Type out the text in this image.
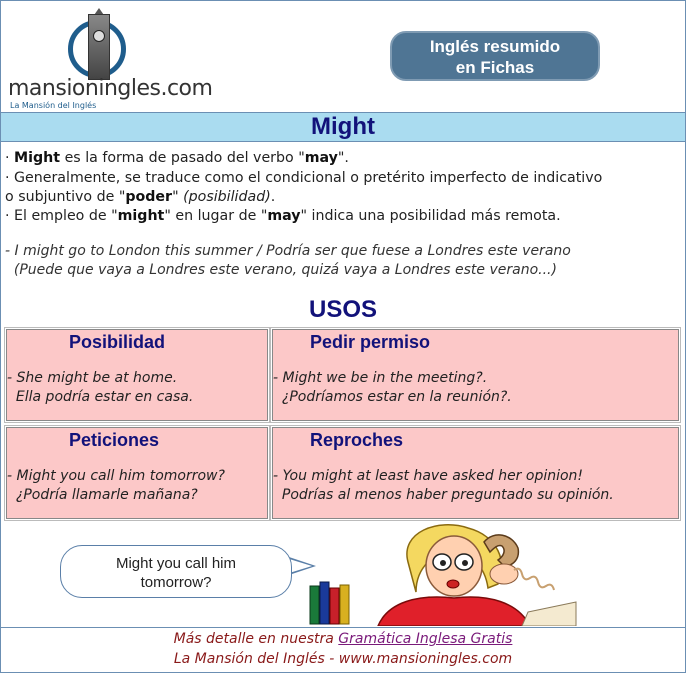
mansioningles.com
La Mansión del Inglés
Inglés resumido
en Fichas
Might
· Might es la forma de pasado del verbo "may".
· Generalmente, se traduce como el condicional o pretérito imperfecto de indicativo
o subjuntivo de "poder" (posibilidad).
· El empleo de "might" en lugar de "may" indica una posibilidad más remota.
- I might go to London this summer / Podría ser que fuese a Londres este verano
(Puede que vaya a Londres este verano, quizá vaya a Londres este verano...)
USOS
Posibilidad
- She might be at home.
Ella podría estar en casa.
Pedir permiso
- Might we be in the meeting?.
¿Podríamos estar en la reunión?.
Peticiones
- Might you call him tomorrow?
¿Podría llamarle mañana?
Reproches
- You might at least have asked her opinion!
Podrías al menos haber preguntado su opinión.
Might you call him
tomorrow?
Más detalle en nuestra Gramática Inglesa Gratis
La Mansión del Inglés - www.mansioningles.com
